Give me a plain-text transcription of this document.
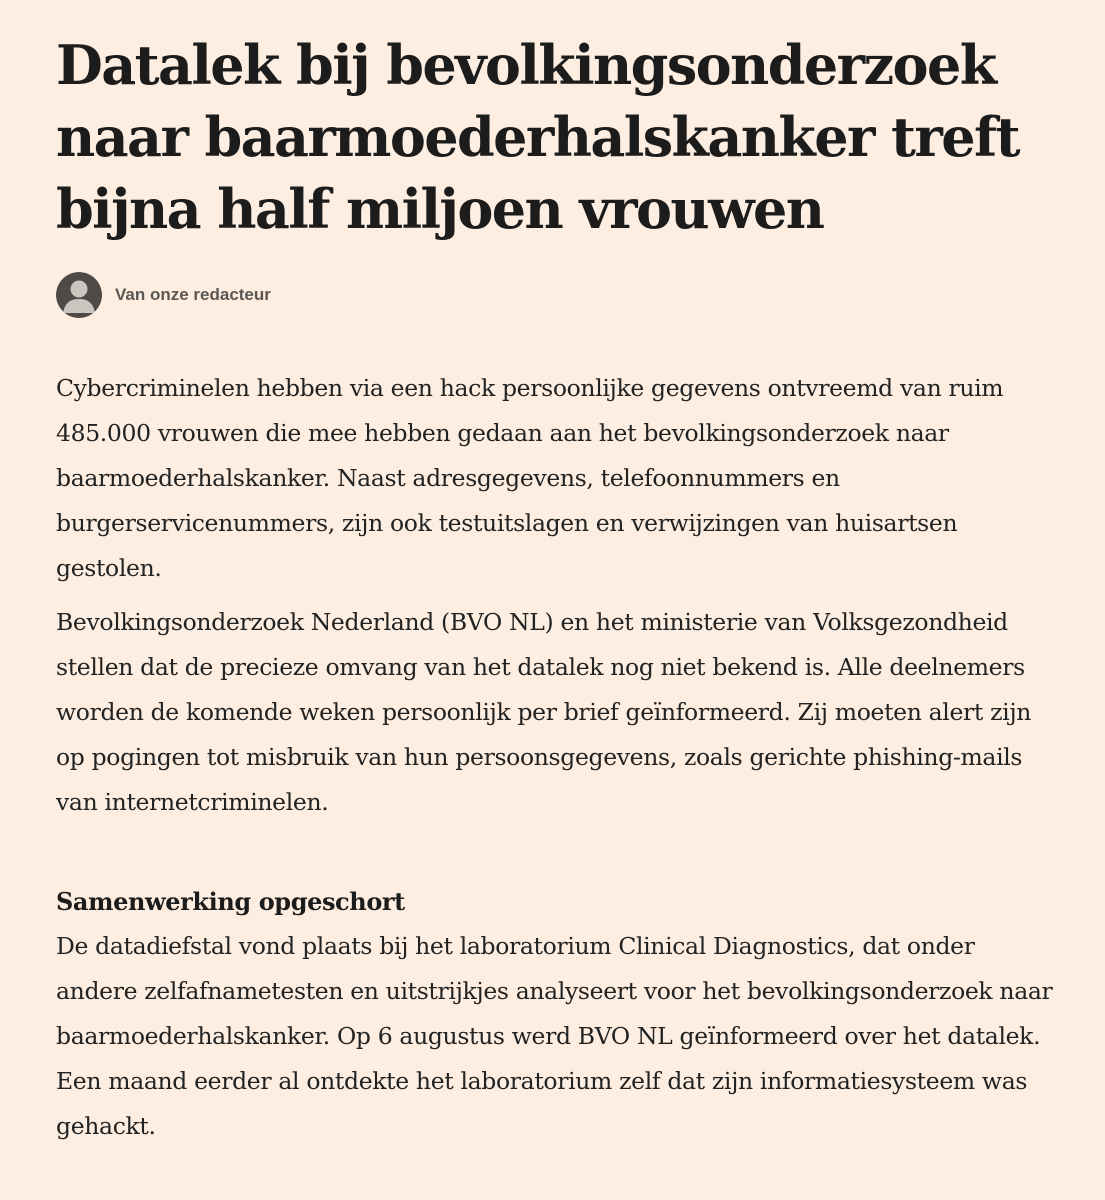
Datalek bij bevolkingsonderzoek naar baarmoederhalskanker treft bijna half miljoen vrouwen
Van onze redacteur

Cybercriminelen hebben via een hack persoonlijke gegevens ontvreemd van ruim 485.000 vrouwen die mee hebben gedaan aan het bevolkingsonderzoek naar baarmoederhalskanker. Naast adresgegevens, telefoonnummers en burgerservicenummers, zijn ook testuitslagen en verwijzingen van huisartsen gestolen.

Bevolkingsonderzoek Nederland (BVO NL) en het ministerie van Volksgezondheid stellen dat de precieze omvang van het datalek nog niet bekend is. Alle deelnemers worden de komende weken persoonlijk per brief geïnformeerd. Zij moeten alert zijn op pogingen tot misbruik van hun persoonsgegevens, zoals gerichte phishing-mails van internetcriminelen.

Samenwerking opgeschort

De datadiefstal vond plaats bij het laboratorium Clinical Diagnostics, dat onder andere zelfafnametesten en uitstrijkjes analyseert voor het bevolkingsonderzoek naar baarmoederhalskanker. Op 6 augustus werd BVO NL geïnformeerd over het datalek. Een maand eerder al ontdekte het laboratorium zelf dat zijn informatiesysteem was gehackt.
